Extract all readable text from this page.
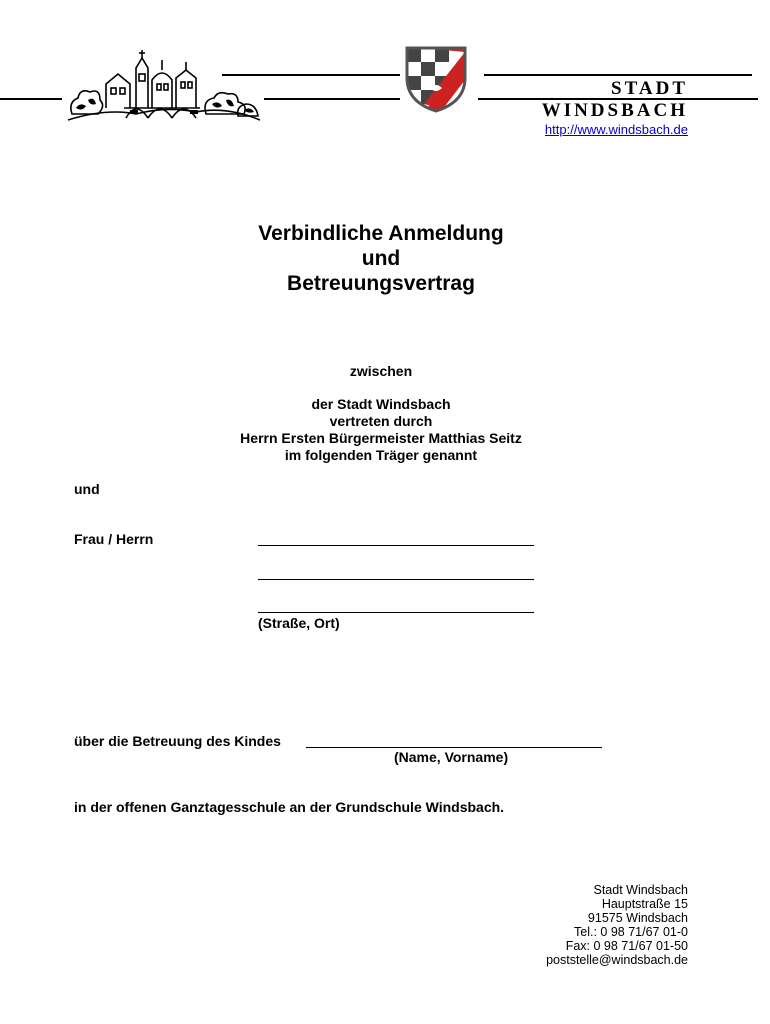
STADT
WINDSBACH
http://www.windsbach.de
Verbindliche Anmeldung
und
Betreuungsvertrag
zwischen
der Stadt Windsbach
vertreten durch
Herrn Ersten Bürgermeister Matthias Seitz
im folgenden Träger genannt
und
Frau / Herrn
(Straße, Ort)
über die Betreuung des Kindes
(Name, Vorname)
in der offenen Ganztagesschule an der Grundschule Windsbach.
Stadt Windsbach
Hauptstraße 15
91575 Windsbach
Tel.: 0 98 71/67 01-0
Fax: 0 98 71/67 01-50
poststelle@windsbach.de
